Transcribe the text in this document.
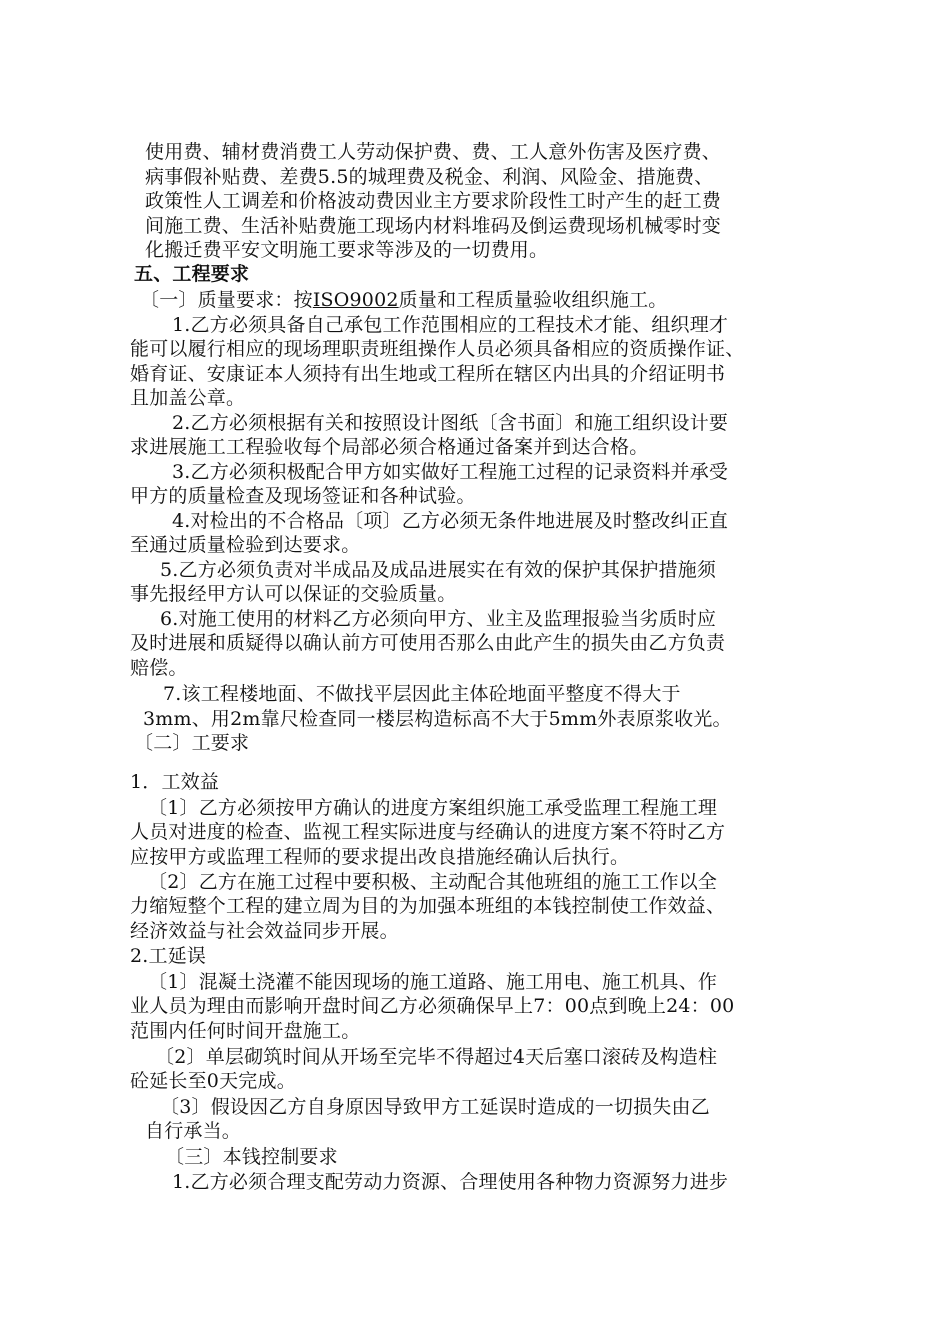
使用费、辅材费消费工人劳动保护费、费、工人意外伤害及医疗费、
病事假补贴费、差费5.5的城理费及税金、利润、风险金、措施费、
政策性人工调差和价格波动费因业主方要求阶段性工时产生的赶工费
间施工费、生活补贴费施工现场内材料堆码及倒运费现场机械零时变
化搬迁费平安文明施工要求等涉及的一切费用。
五、工程要求
〔一〕质量要求：按ISO9002质量和工程质量验收组织施工。
1.乙方必须具备自己承包工作范围相应的工程技术才能、组织理才
能可以履行相应的现场理职责班组操作人员必须具备相应的资质操作证、
婚育证、安康证本人须持有出生地或工程所在辖区内出具的介绍证明书
且加盖公章。
2.乙方必须根据有关和按照设计图纸〔含书面〕和施工组织设计要
求进展施工工程验收每个局部必须合格通过备案并到达合格。
3.乙方必须积极配合甲方如实做好工程施工过程的记录资料并承受
甲方的质量检查及现场签证和各种试验。
4.对检出的不合格品〔项〕乙方必须无条件地进展及时整改纠正直
至通过质量检验到达要求。
5.乙方必须负责对半成品及成品进展实在有效的保护其保护措施须
事先报经甲方认可以保证的交验质量。
6.对施工使用的材料乙方必须向甲方、业主及监理报验当劣质时应
及时进展和质疑得以确认前方可使用否那么由此产生的损失由乙方负责
赔偿。
7.该工程楼地面、不做找平层因此主体砼地面平整度不得大于
3mm、用2m靠尺检查同一楼层构造标高不大于5mm外表原浆收光。
〔二〕工要求
1．工效益
〔1〕乙方必须按甲方确认的进度方案组织施工承受监理工程施工理
人员对进度的检查、监视工程实际进度与经确认的进度方案不符时乙方
应按甲方或监理工程师的要求提出改良措施经确认后执行。
〔2〕乙方在施工过程中要积极、主动配合其他班组的施工工作以全
力缩短整个工程的建立周为目的为加强本班组的本钱控制使工作效益、
经济效益与社会效益同步开展。
2.工延误
〔1〕混凝土浇灌不能因现场的施工道路、施工用电、施工机具、作
业人员为理由而影响开盘时间乙方必须确保早上7：00点到晚上24：00
范围内任何时间开盘施工。
〔2〕单层砌筑时间从开场至完毕不得超过4天后塞口滚砖及构造柱
砼延长至0天完成。
〔3〕假设因乙方自身原因导致甲方工延误时造成的一切损失由乙
自行承当。
〔三〕本钱控制要求
1.乙方必须合理支配劳动力资源、合理使用各种物力资源努力进步
